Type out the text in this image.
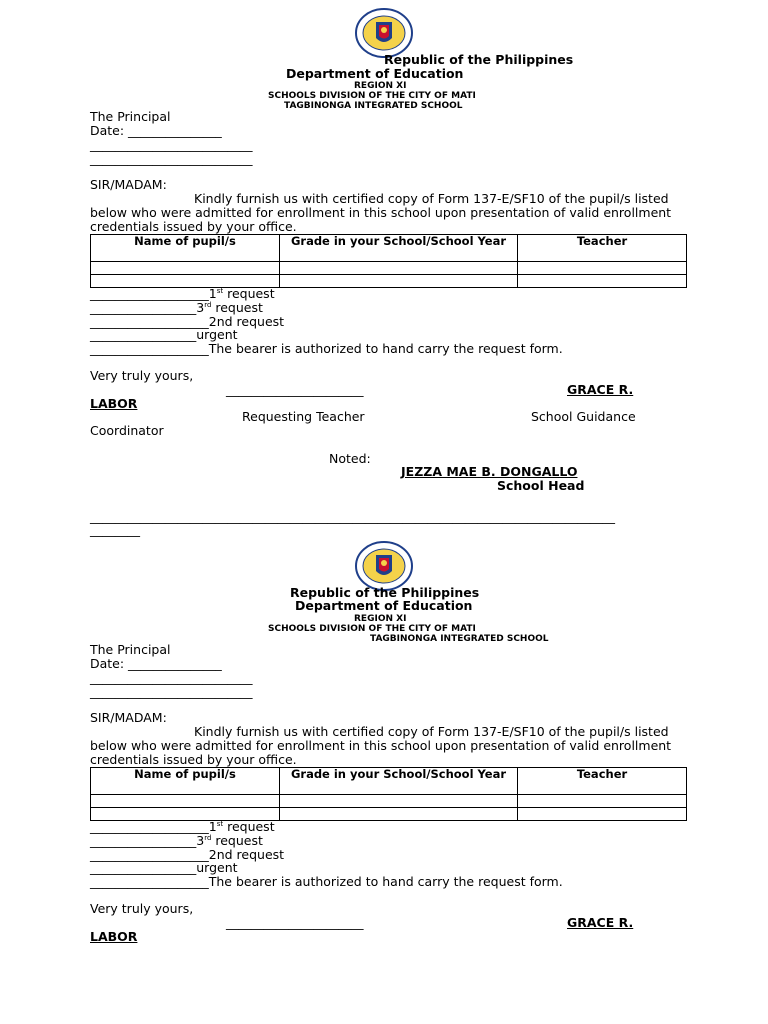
Republic of the Philippines
Department of Education
REGION XI
SCHOOLS DIVISION OF THE CITY OF MATI
TAGBINONGA INTEGRATED SCHOOL
The Principal
Date: _______________
__________________________
__________________________
SIR/MADAM:
Kindly furnish us with certified copy of Form 137-E/SF10 of the pupil/s listed
below who were admitted for enrollment in this school upon presentation of valid enrollment
credentials issued by your office.
Name of pupil/s	Grade in your School/School Year	Teacher

___________________1st request
_________________3rd request
___________________2nd request
_________________urgent
___________________The bearer is authorized to hand carry the request form.
Very truly yours,
______________________	GRACE R.
LABOR
Requesting Teacher	School Guidance
Coordinator
Noted:
JEZZA MAE B. DONGALLO
School Head
____________________________________________________________________________________
________
Republic of the Philippines
Department of Education
REGION XI
SCHOOLS DIVISION OF THE CITY OF MATI
TAGBINONGA INTEGRATED SCHOOL
The Principal
Date: _______________
__________________________
__________________________
SIR/MADAM:
Kindly furnish us with certified copy of Form 137-E/SF10 of the pupil/s listed
below who were admitted for enrollment in this school upon presentation of valid enrollment
credentials issued by your office.
Name of pupil/s	Grade in your School/School Year	Teacher

___________________1st request
_________________3rd request
___________________2nd request
_________________urgent
___________________The bearer is authorized to hand carry the request form.
Very truly yours,
______________________	GRACE R.
LABOR
